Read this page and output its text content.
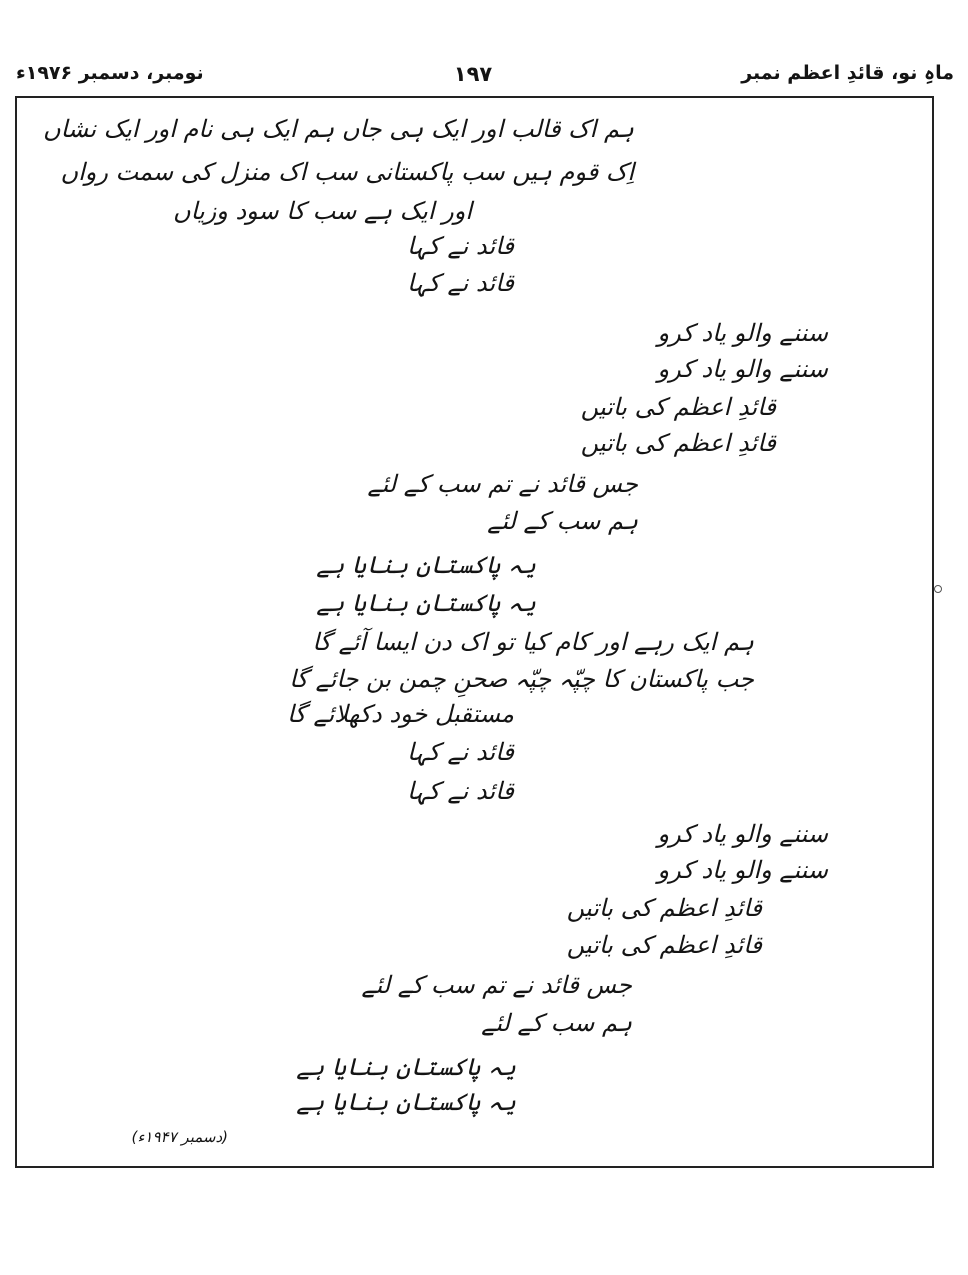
ماہِ نو، قائدِ اعظم نمبر
۱۹۷
نومبر، دسمبر ۱۹۷۶ء
ہم اک قالب اور ایک ہی جاں ہم ایک ہی نام اور ایک نشاں
اِک قوم ہیں سب پاکستانی سب اک منزل کی سمت رواں
اور ایک ہے سب کا سود وزیاں
قائد نے کہا
قائد نے کہا
سننے والو یاد کرو
سننے والو یاد کرو
قائدِ اعظم کی باتیں
قائدِ اعظم کی باتیں
جس قائد نے تم سب کے لئے
ہم سب کے لئے
یہ پاکستان بنایا ہے
یہ پاکستان بنایا ہے
ہم ایک رہے اور کام کیا تو اک دن ایسا آئے گا
جب پاکستان کا چپّہ چپّہ صحنِ چمن بن جائے گا
مستقبل خود دکھلائے گا
قائد نے کہا
قائد نے کہا
سننے والو یاد کرو
سننے والو یاد کرو
قائدِ اعظم کی باتیں
قائدِ اعظم کی باتیں
جس قائد نے تم سب کے لئے
ہم سب کے لئے
یہ پاکستان بنایا ہے
یہ پاکستان بنایا ہے
(دسمبر ۱۹۴۷ء)
